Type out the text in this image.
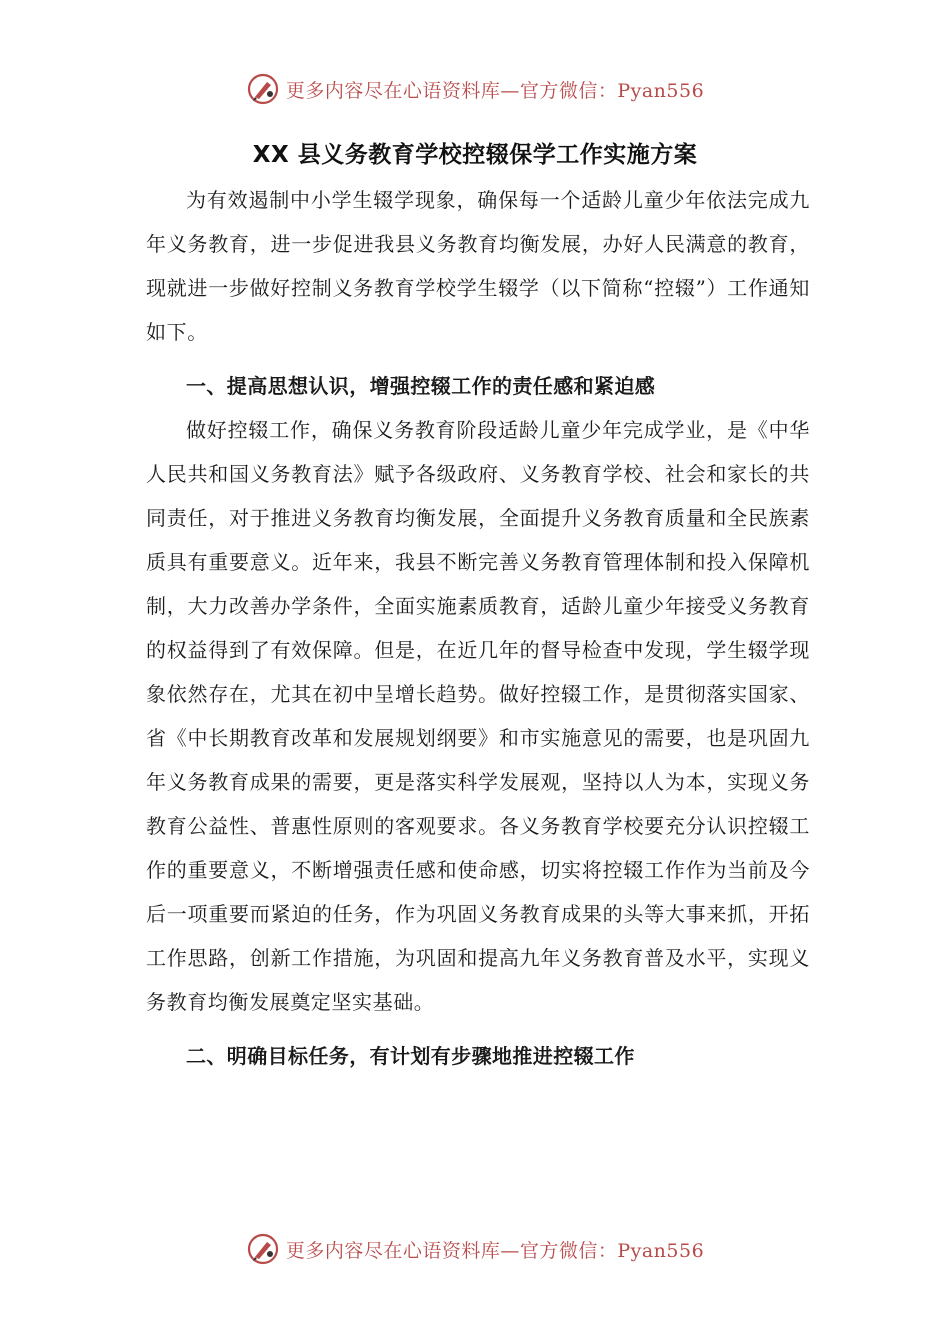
更多内容尽在心语资料库—官方微信：Pyan556
XX 县义务教育学校控辍保学工作实施方案

为有效遏制中小学生辍学现象，确保每一个适龄儿童少年依法完成九年义务教育，进一步促进我县义务教育均衡发展，办好人民满意的教育，现就进一步做好控制义务教育学校学生辍学（以下简称“控辍”）工作通知如下。

一、提高思想认识，增强控辍工作的责任感和紧迫感

做好控辍工作，确保义务教育阶段适龄儿童少年完成学业，是《中华人民共和国义务教育法》赋予各级政府、义务教育学校、社会和家长的共同责任，对于推进义务教育均衡发展，全面提升义务教育质量和全民族素质具有重要意义。近年来，我县不断完善义务教育管理体制和投入保障机制，大力改善办学条件，全面实施素质教育，适龄儿童少年接受义务教育的权益得到了有效保障。但是，在近几年的督导检查中发现，学生辍学现象依然存在，尤其在初中呈增长趋势。做好控辍工作，是贯彻落实国家、省《中长期教育改革和发展规划纲要》和市实施意见的需要，也是巩固九年义务教育成果的需要，更是落实科学发展观，坚持以人为本，实现义务教育公益性、普惠性原则的客观要求。各义务教育学校要充分认识控辍工作的重要意义，不断增强责任感和使命感，切实将控辍工作作为当前及今后一项重要而紧迫的任务，作为巩固义务教育成果的头等大事来抓，开拓工作思路，创新工作措施，为巩固和提高九年义务教育普及水平，实现义务教育均衡发展奠定坚实基础。

二、明确目标任务，有计划有步骤地推进控辍工作

更多内容尽在心语资料库—官方微信：Pyan556
